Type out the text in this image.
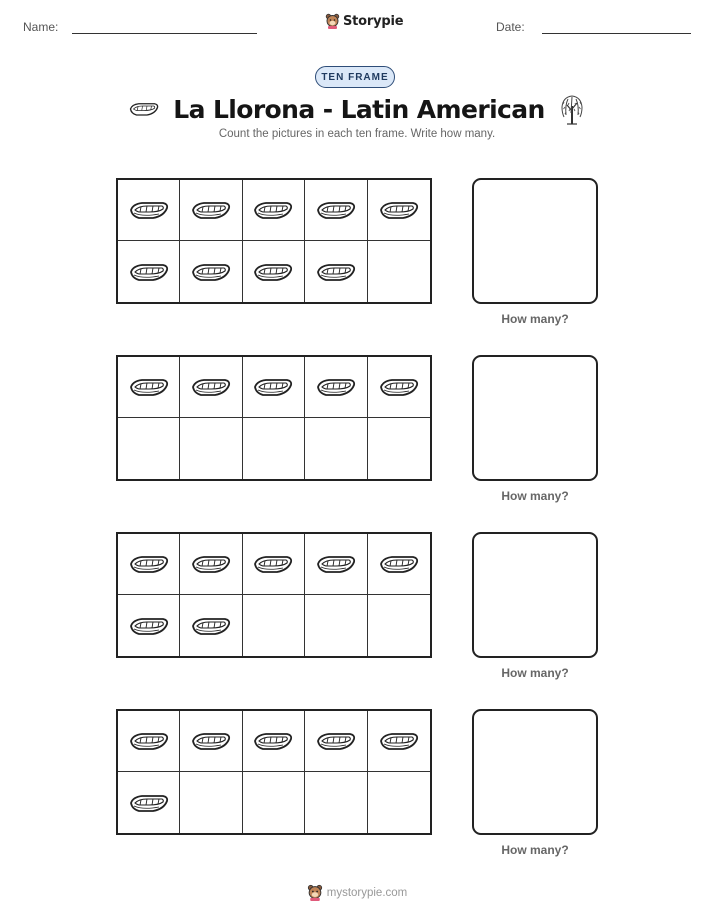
Name:	Storypie	Date:
TEN FRAME
La Llorona - Latin American
Count the pictures in each ten frame. Write how many.
How many?
How many?
How many?
How many?
mystorypie.com
